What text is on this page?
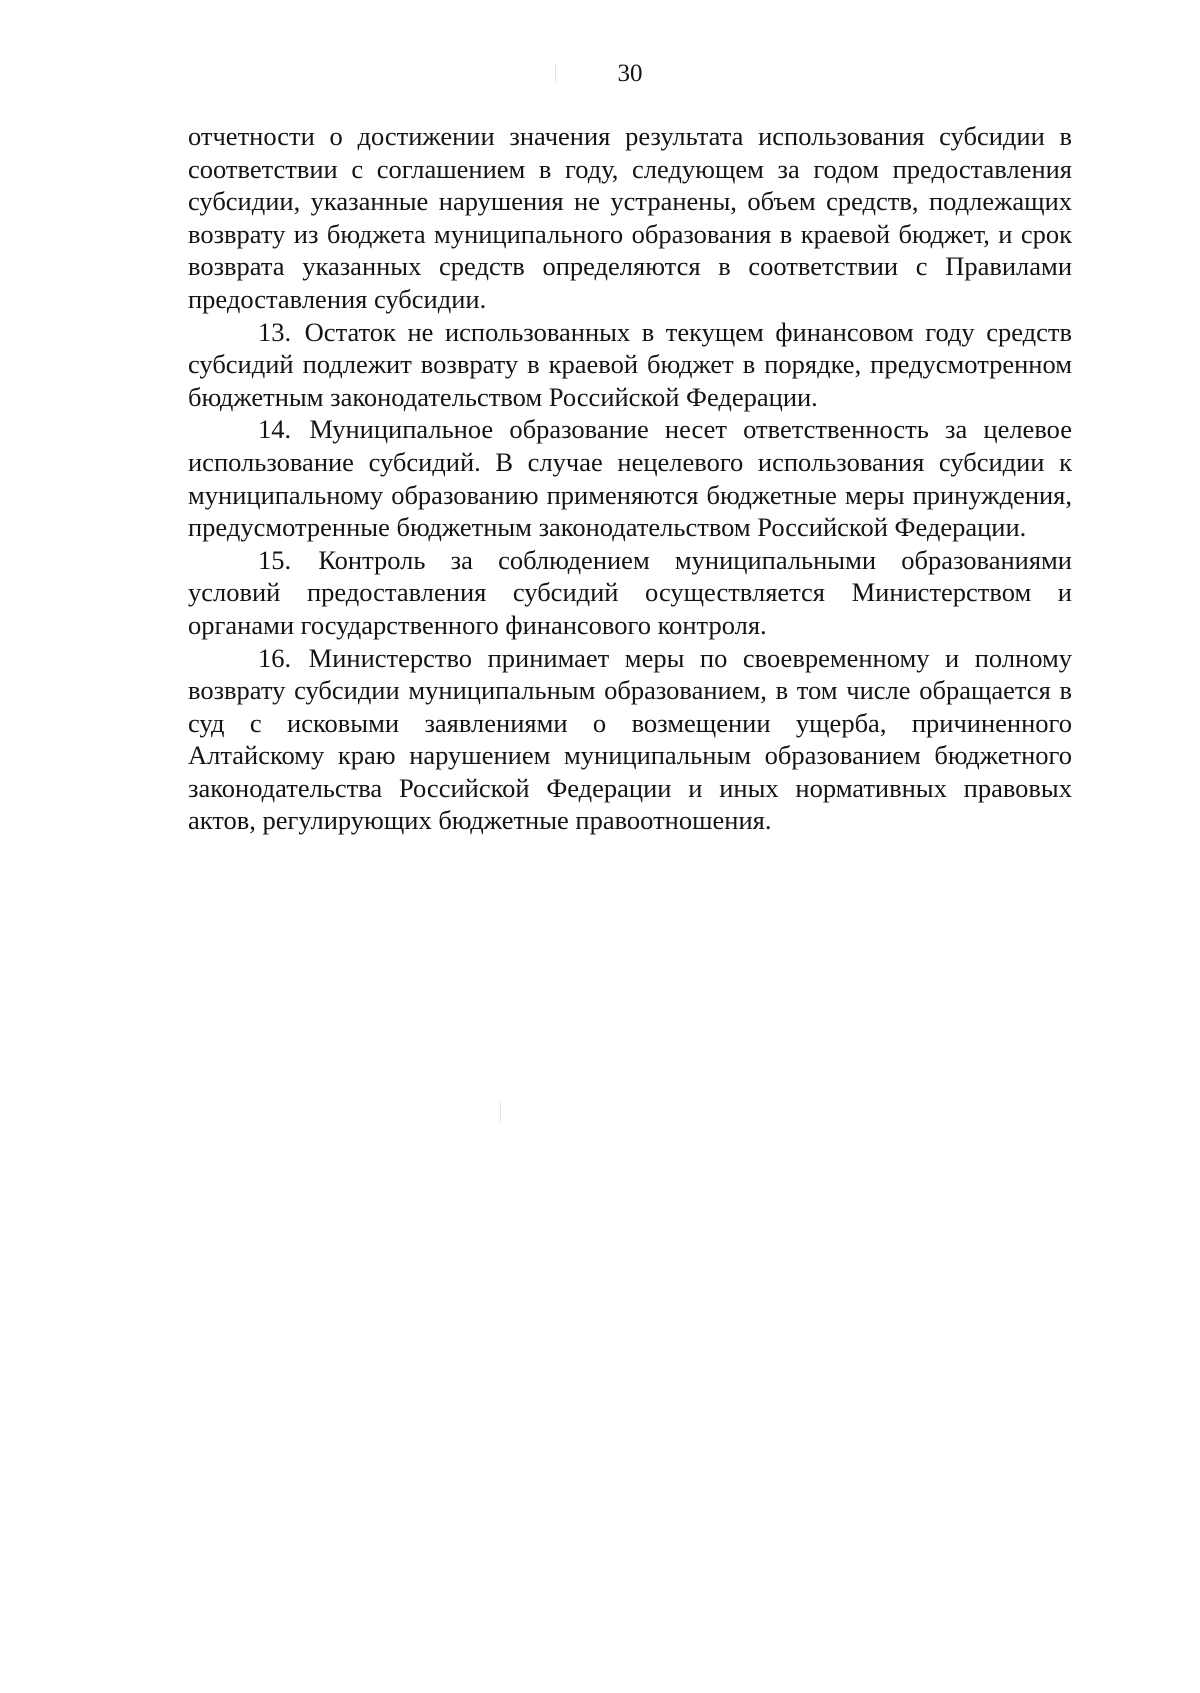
30

отчетности о достижении значения результата использования субсидии в соответствии с соглашением в году, следующем за годом предоставления субсидии, указанные нарушения не устранены, объем средств, подлежащих возврату из бюджета муниципального образования в краевой бюджет, и срок возврата указанных средств определяются в соответствии с Правилами предоставления субсидии.

13. Остаток не использованных в текущем финансовом году средств субсидий подлежит возврату в краевой бюджет в порядке, предусмотренном бюджетным законодательством Российской Федерации.

14. Муниципальное образование несет ответственность за целевое использование субсидий. В случае нецелевого использования субсидии к муниципальному образованию применяются бюджетные меры принуждения, предусмотренные бюджетным законодательством Российской Федерации.

15. Контроль за соблюдением муниципальными образованиями условий предоставления субсидий осуществляется Министерством и органами государственного финансового контроля.

16. Министерство принимает меры по своевременному и полному возврату субсидии муниципальным образованием, в том числе обращается в суд с исковыми заявлениями о возмещении ущерба, причиненного Алтайскому краю нарушением муниципальным образованием бюджетного законодательства Российской Федерации и иных нормативных правовых актов, регулирующих бюджетные правоотношения.
